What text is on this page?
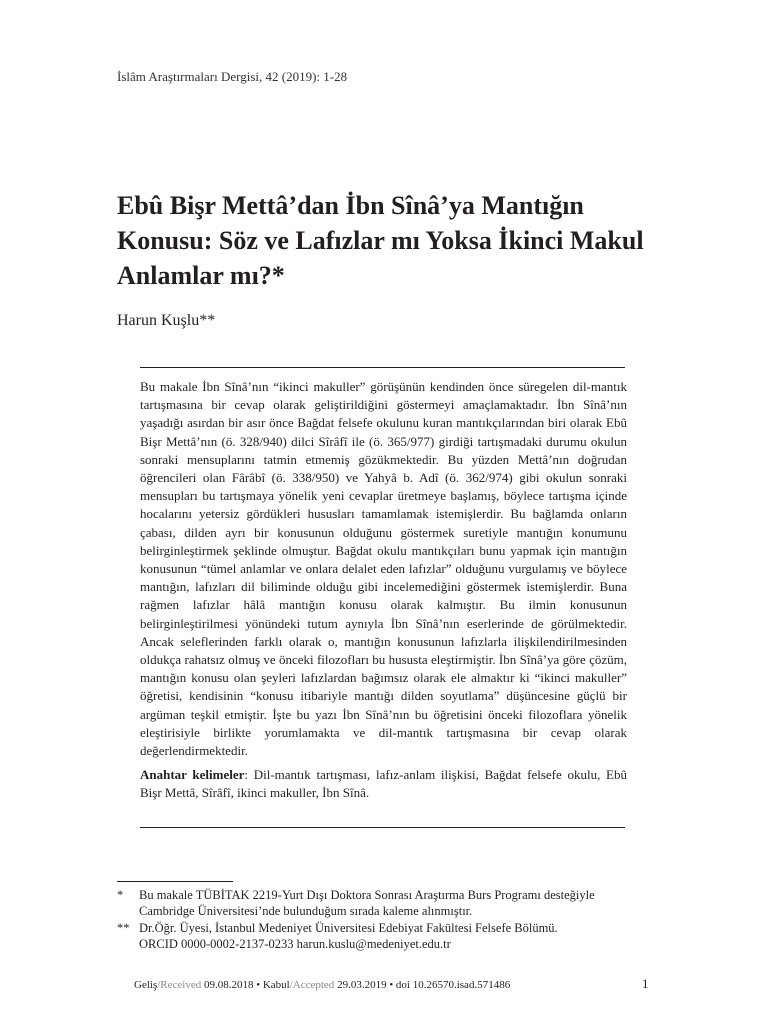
İslâm Araştırmaları Dergisi, 42 (2019): 1-28
Ebû Bişr Mettâ’dan İbn Sînâ’ya Mantığın Konusu: Söz ve Lafızlar mı Yoksa İkinci Makul Anlamlar mı?*
Harun Kuşlu**

Bu makale İbn Sînâ’nın “ikinci makuller” görüşünün kendinden önce süregelen dil-mantık tartışmasına bir cevap olarak geliştirildiğini göstermeyi amaçlamaktadır. İbn Sînâ’nın yaşadığı asırdan bir asır önce Bağdat felsefe okulunu kuran mantıkçılarından biri olarak Ebû Bişr Mettâ’nın (ö. 328/940) dilci Sîrâfî ile (ö. 365/977) girdiği tartışmadaki durumu okulun sonraki mensuplarını tatmin etmemiş gözükmektedir. Bu yüzden Mettâ’nın doğrudan öğrencileri olan Fârâbî (ö. 338/950) ve Yahyâ b. Adî (ö. 362/974) gibi okulun sonraki mensupları bu tartışmaya yönelik yeni cevaplar üretmeye başlamış, böylece tartışma içinde hocalarını yetersiz gördükleri hususları tamamlamak istemişlerdir. Bu bağlamda onların çabası, dilden ayrı bir konusunun olduğunu göstermek suretiyle mantığın konumunu belirginleştirmek şeklinde olmuştur. Bağdat okulu mantıkçıları bunu yapmak için mantığın konusunun “tümel anlamlar ve onlara delalet eden lafızlar” olduğunu vurgulamış ve böylece mantığın, lafızları dil biliminde olduğu gibi incelemediğini göstermek istemişlerdir. Buna rağmen lafızlar hâlâ mantığın konusu olarak kalmıştır. Bu ilmin konusunun belirginleştirilmesi yönündeki tutum aynıyla İbn Sînâ’nın eserlerinde de görülmektedir. Ancak seleflerinden farklı olarak o, mantığın konusunun lafızlarla ilişkilendirilmesinden oldukça rahatsız olmuş ve önceki filozofları bu hususta eleştirmiştir. İbn Sînâ’ya göre çözüm, mantığın konusu olan şeyleri lafızlardan bağımsız olarak ele almaktır ki “ikinci makuller” öğretisi, kendisinin “konusu itibariyle mantığı dilden soyutlama” düşüncesine güçlü bir argüman teşkil etmiştir. İşte bu yazı İbn Sînâ’nın bu öğretisini önceki filozoflara yönelik eleştirisiyle birlikte yorumlamakta ve dil-mantık tartışmasına bir cevap olarak değerlendirmektedir.

Anahtar kelimeler: Dil-mantık tartışması, lafız-anlam ilişkisi, Bağdat felsefe okulu, Ebû Bişr Mettâ, Sîrâfî, ikinci makuller, İbn Sînâ.

*	Bu makale TÜBİTAK 2219-Yurt Dışı Doktora Sonrası Araştırma Burs Programı desteğiyle
Cambridge Üniversitesi’nde bulunduğum sırada kaleme alınmıştır.
** Dr.Öğr. Üyesi, İstanbul Medeniyet Üniversitesi Edebiyat Fakültesi Felsefe Bölümü.
ORCID 0000-0002-2137-0233 harun.kuslu@medeniyet.edu.tr
Geliş/Received 09.08.2018 • Kabul/Accepted 29.03.2019 • doi 10.26570.isad.571486	1
